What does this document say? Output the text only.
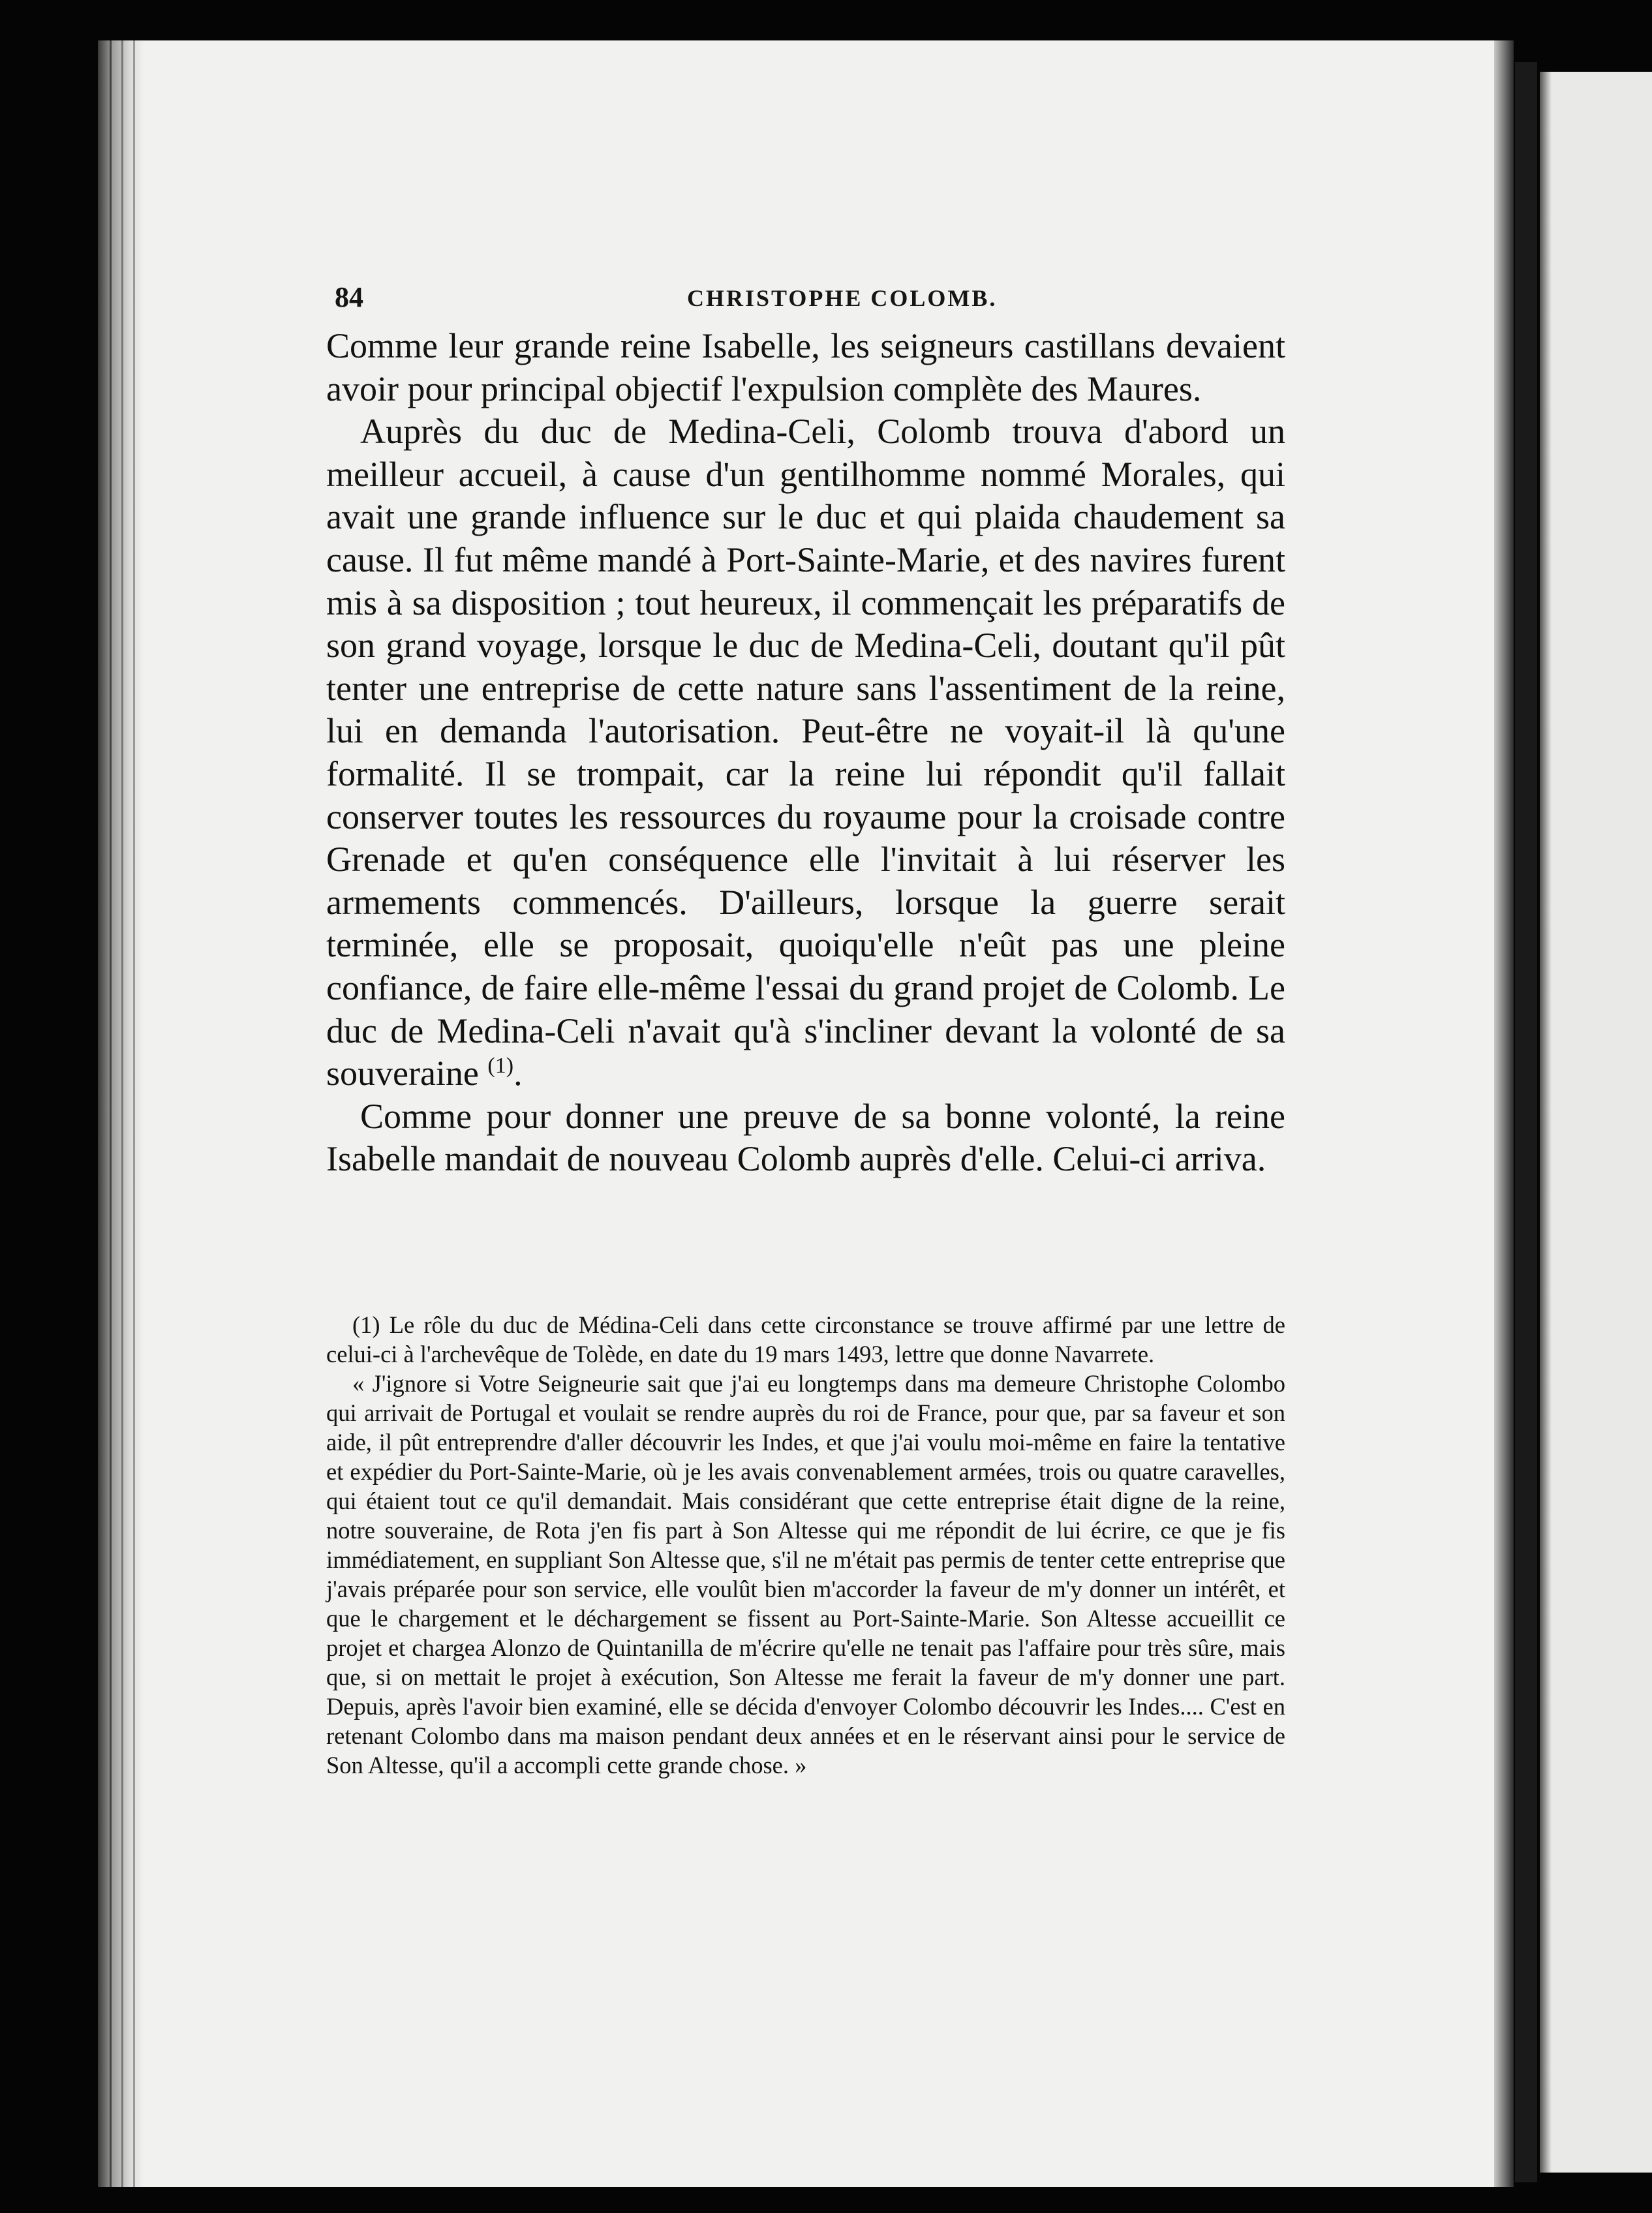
84	CHRISTOPHE COLOMB.

Comme leur grande reine Isabelle, les seigneurs castillans devaient avoir pour principal objectif l'expulsion complète des Maures.

Auprès du duc de Medina-Celi, Colomb trouva d'abord un meilleur accueil, à cause d'un gentilhomme nommé Morales, qui avait une grande influence sur le duc et qui plaida chaudement sa cause. Il fut même mandé à Port-Sainte-Marie, et des navires furent mis à sa disposition ; tout heureux, il commençait les préparatifs de son grand voyage, lorsque le duc de Medina-Celi, doutant qu'il pût tenter une entreprise de cette nature sans l'assentiment de la reine, lui en demanda l'autorisation. Peut-être ne voyait-il là qu'une formalité. Il se trompait, car la reine lui répondit qu'il fallait conserver toutes les ressources du royaume pour la croisade contre Grenade et qu'en conséquence elle l'invitait à lui réserver les armements commencés. D'ailleurs, lorsque la guerre serait terminée, elle se proposait, quoiqu'elle n'eût pas une pleine confiance, de faire elle-même l'essai du grand projet de Colomb. Le duc de Medina-Celi n'avait qu'à s'incliner devant la volonté de sa souveraine $^{(1)}$.

Comme pour donner une preuve de sa bonne volonté, la reine Isabelle mandait de nouveau Colomb auprès d'elle. Celui-ci arriva.

(1) Le rôle du duc de Médina-Celi dans cette circonstance se trouve affirmé par une lettre de celui-ci à l'archevêque de Tolède, en date du 19 mars 1493, lettre que donne Navarrete.

« J'ignore si Votre Seigneurie sait que j'ai eu longtemps dans ma demeure Christophe Colombo qui arrivait de Portugal et voulait se rendre auprès du roi de France, pour que, par sa faveur et son aide, il pût entreprendre d'aller découvrir les Indes, et que j'ai voulu moi-même en faire la tentative et expédier du Port-Sainte-Marie, où je les avais convenablement armées, trois ou quatre caravelles, qui étaient tout ce qu'il demandait. Mais considérant que cette entreprise était digne de la reine, notre souveraine, de Rota j'en fis part à Son Altesse qui me répondit de lui écrire, ce que je fis immédiatement, en suppliant Son Altesse que, s'il ne m'était pas permis de tenter cette entreprise que j'avais préparée pour son service, elle voulût bien m'accorder la faveur de m'y donner un intérêt, et que le chargement et le déchargement se fissent au Port-Sainte-Marie. Son Altesse accueillit ce projet et chargea Alonzo de Quintanilla de m'écrire qu'elle ne tenait pas l'affaire pour très sûre, mais que, si on mettait le projet à exécution, Son Altesse me ferait la faveur de m'y donner une part. Depuis, après l'avoir bien examiné, elle se décida d'envoyer Colombo découvrir les Indes.... C'est en retenant Colombo dans ma maison pendant deux années et en le réservant ainsi pour le service de Son Altesse, qu'il a accompli cette grande chose. »
